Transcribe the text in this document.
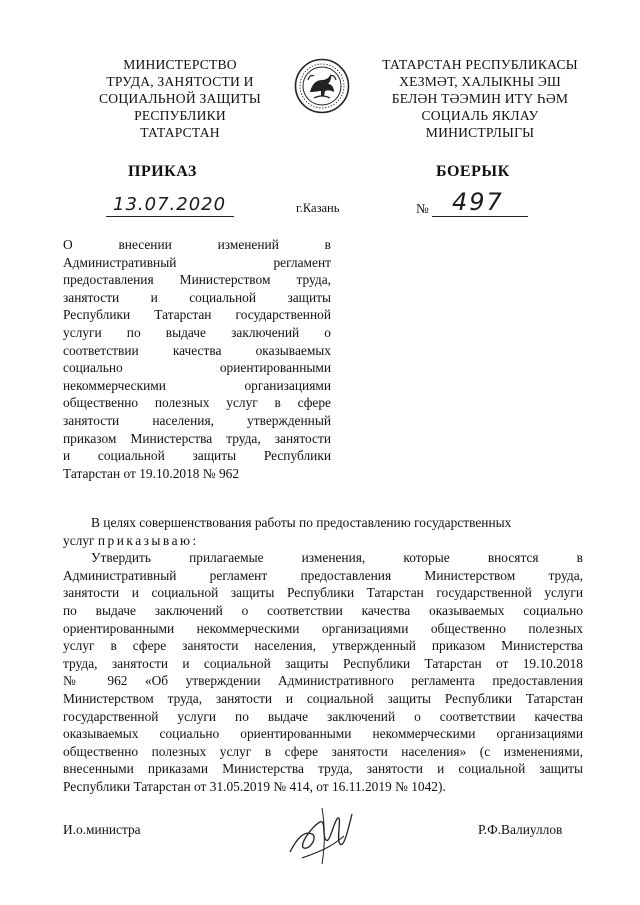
МИНИСТЕРСТВО
ТРУДА, ЗАНЯТОСТИ И
СОЦИАЛЬНОЙ ЗАЩИТЫ
РЕСПУБЛИКИ
ТАТАРСТАН
ТАТАРСТАН РЕСПУБЛИКАСЫ
ХЕЗМӘТ, ХАЛЫКНЫ ЭШ
БЕЛӘН ТӘЭМИН ИТҮ ҺӘМ
СОЦИАЛЬ ЯКЛАУ
МИНИСТРЛЫГЫ
ПРИКАЗ	БОЕРЫК
13.07.2020	г.Казань	№ 497
О внесении изменений в
Административный регламент
предоставления Министерством труда,
занятости и социальной защиты
Республики Татарстан государственной
услуги по выдаче заключений о
соответствии качества оказываемых
социально ориентированными
некоммерческими организациями
общественно полезных услуг в сфере
занятости населения, утвержденный
приказом Министерства труда, занятости
и социальной защиты Республики
Татарстан от 19.10.2018 № 962
В целях совершенствования работы по предоставлению государственных
услуг приказываю:
Утвердить прилагаемые изменения, которые вносятся в
Административный регламент предоставления Министерством труда,
занятости и социальной защиты Республики Татарстан государственной услуги
по выдаче заключений о соответствии качества оказываемых социально
ориентированными некоммерческими организациями общественно полезных
услуг в сфере занятости населения, утвержденный приказом Министерства
труда, занятости и социальной защиты Республики Татарстан от 19.10.2018
№ 962 «Об утверждении Административного регламента предоставления
Министерством труда, занятости и социальной защиты Республики Татарстан
государственной услуги по выдаче заключений о соответствии качества
оказываемых социально ориентированными некоммерческими организациями
общественно полезных услуг в сфере занятости населения» (с изменениями,
внесенными приказами Министерства труда, занятости и социальной защиты
Республики Татарстан от 31.05.2019 № 414, от 16.11.2019 № 1042).
И.о.министра	Р.Ф.Валиуллов
